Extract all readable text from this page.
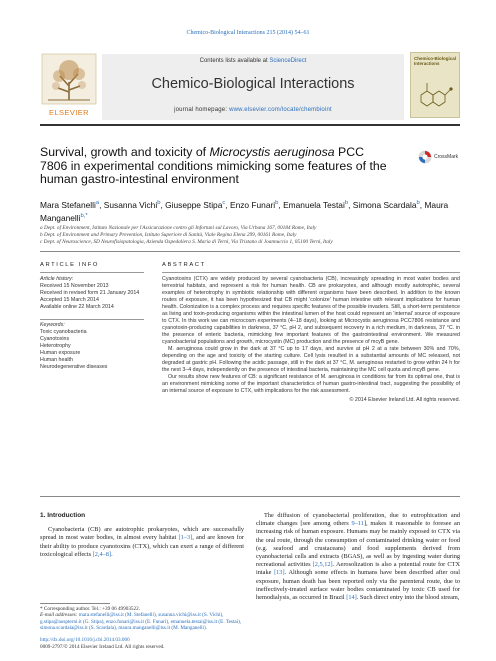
Chemico-Biological Interactions 215 (2014) 54–61
ELSEVIER
Contents lists available at ScienceDirect
Chemico-Biological Interactions
journal homepage: www.elsevier.com/locate/chembioint
Chemico-Biological Interactions
Survival, growth and toxicity of Microcystis aeruginosa PCC 7806 in experimental conditions mimicking some features of the human gastro-intestinal environment
CrossMark
Mara Stefanelli$^a$, Susanna Vichi$^b$, Giuseppe Stipa$^c$, Enzo Funari$^b$, Emanuela Testai$^b$, Simona Scardala$^b$, Maura Manganelli$^{b,*}$
a Dept. of Environment, Istituto Nazionale per l'Assicurazione contro gli Infortuni sul Lavoro, Via Urbana 167, 00184 Rome, Italy
b Dept. of Environment and Primary Prevention, Istituto Superiore di Sanità, Viale Regina Elena 299, 00161 Rome, Italy
c Dept. of Neuroscience, SD Neurofisiopatologia, Azienda Ospedaliera S. Maria di Terni, Via Tristano di Joannuccio 1, 05100 Terni, Italy
ARTICLE INFO
Article history:
Received 15 November 2013
Received in revised form 21 January 2014
Accepted 15 March 2014
Available online 22 March 2014
Keywords:
Toxic cyanobacteria
Cyanotoxins
Heterotrophy
Human exposure
Human health
Neurodegenerative diseases
ABSTRACT

Cyanotoxins (CTX) are widely produced by several cyanobacteria (CB), increasingly spreading in most water bodies and terrestrial habitats, and represent a risk for human health. CB are prokaryotes, and although mostly autotrophic, several examples of heterotrophy in symbiotic relationship with different organisms have been described. In addition to the known routes of exposure, it has been hypothesized that CB might 'colonize' human intestine with relevant implications for human health. Colonization is a complex process and requires specific features of the possible invaders. Still, a short-term persistence as living and toxin-producing organisms within the intestinal lumen of the host could represent an 'internal' source of exposure to CTX. In this work we can microcosm experiments (4–18 days), looking at Microcystis aeruginosa PCC7806 resistance and cyanotoxin-producing capabilities in darkness, 37 °C, pH 2, and subsequent recovery in a rich medium, in darkness, 37 °C. in the presence of enteric bacteria, mimicking few important features of the gastrointestinal environment. We measured cyanobacterial populations and growth, microcystin (MC) production and the presence of mcyB gene.

M. aeruginosa could grow in the dark at 37 °C up to 17 days, and survive at pH 2 at a rate between 30% and 70%, depending on the age and toxicity of the starting culture. Cell lysis resulted in a substantial amounts of MC released, not degraded at gastric pH. Following the acidic passage, still in the dark at 37 °C, M. aeruginosa restarted to grow within 24 h for the next 3–4 days, independently on the presence of intestinal bacteria, maintaining the MC cell quota and mcyB gene.

Our results show new features of CB: a significant resistance of M. aeruginosa in conditions far from its optimal one, that is an environment mimicking some of the important characteristics of human gastro-intestinal tract, suggesting the possibility of an internal source of exposure to CTX, with implications for the risk assessment.

© 2014 Elsevier Ireland Ltd. All rights reserved.
1. Introduction

Cyanobacteria (CB) are autotrophic prokaryotes, which are successfully spread in most water bodies, in almost every habitat [1–3], and are known for their ability to produce cyanotoxins (CTX), which can exert a range of different toxicological effects [2,4–8].

The diffusion of cyanobacterial proliferation, due to eutrophication and climate changes [see among others 9–11], makes it reasonable to foresee an increasing risk of human exposure. Humans may be mainly exposed to CTX via the oral route, through the consumption of contaminated drinking water or food (e.g. seafood and crustaceans) and food supplements derived from cyanobacterial cells and extracts (BGAS), as well as by ingesting water during recreational activities [2,5,12]. Aerosolization is also a potential route for CTX intake [13]. Although some effects in humans have been described after oral exposure, human death has been reported only via the parenteral route, due to ineffectively-treated surface water bodies contaminated by toxic CB used for hemodialysis, as occurred in Brazil [14]. Such direct entry into the blood stream,

* Corresponding author. Tel.: +39 06 49903522.
E-mail addresses: mara.stefanelli@iss.it (M. Stefanelli), susanna.vichi@iss.it (S. Vichi), g.stipa@aospterni.it (G. Stipa), enzo.funari@iss.it (E. Funari), emanuela.testai@iss.it (E. Testai), simona.scardala@iss.it (S. Scardala), maura.manganelli@iss.it (M. Manganelli).
http://dx.doi.org/10.1016/j.cbi.2014.03.006
0009-2797/© 2014 Elsevier Ireland Ltd. All rights reserved.
